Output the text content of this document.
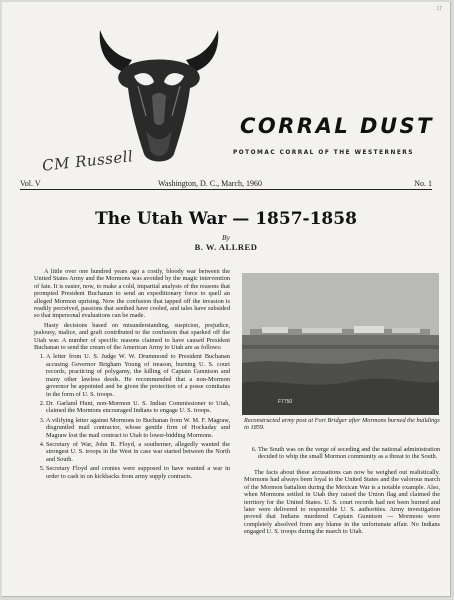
17
CM Russell
CORRAL DUST
POTOMAC CORRAL OF THE WESTERNERS
Vol. V	Washington, D. C., March, 1960	No. 1
The Utah War — 1857-1858
By
B. W. ALLRED

A little over one hundred years ago a costly, bloody war between the United States Army and the Mormons was avoided by the magic intervention of fate. It is easier, now, to make a cold, impartial analysis of the reasons that prompted President Buchanan to send an expeditionary force to quell an alleged Mormon uprising. Now the confusion that tapped off the invasion is readily perceived, passions that seethed have cooled, and tales have subsided so that impersonal evaluations can be made.

Hasty decisions based on misunderstanding, suspicion, prejudice, jealousy, malice, and graft contributed to the confusion that sparked off the Utah war. A number of specific reasons claimed to have caused President Buchanan to send the cream of the American Army to Utah are as follows:

1. A letter from U. S. Judge W. W. Drummond to President Buchanan accusing Governor Brigham Young of treason, burning U. S. court records, practicing of polygamy, the killing of Captain Gunnison and many other lawless deeds. He recommended that a non-Mormon governor be appointed and be given the protection of a posse comitatus in the form of U. S. troops.
2. Dr. Garland Hunt, non-Mormon U. S. Indian Commissioner to Utah, claimed the Mormons encouraged Indians to engage U. S. troops.
3. A vilifying letter against Mormons to Buchanan from W. M. F. Magraw, disgruntled mail contractor, whose gentile firm of Hockaday and Magraw lost the mail contract to Utah to lower-bidding Mormons.
4. Secretary of War, John B. Floyd, a southerner, allegedly wanted the strongest U. S. troops in the West in case war started between the North and South.
5. Secretary Floyd and cronies were supposed to have wanted a war in order to cash in on kickbacks from army supply contracts.
F7750
Reconstructed army post at Fort Bridger after Mormons burned the buildings in 1859.
6. The South was on the verge of seceding and the national administration decided to whip the small Mormon community as a threat to the South.

The facts about these accusations can now be weighed out realistically. Mormons had always been loyal to the United States and the valorous march of the Mormon battalion during the Mexican War is a notable example. Also, when Mormons settled in Utah they raised the Union flag and claimed the territory for the United States. U. S. court records had not been burned and later were delivered to responsible U. S. authorities. Army investigation proved that Indians murdered Captain Gunnison — Mormons were completely absolved from any blame in the unfortunate affair. No Indians engaged U. S. troops during the march to Utah.
